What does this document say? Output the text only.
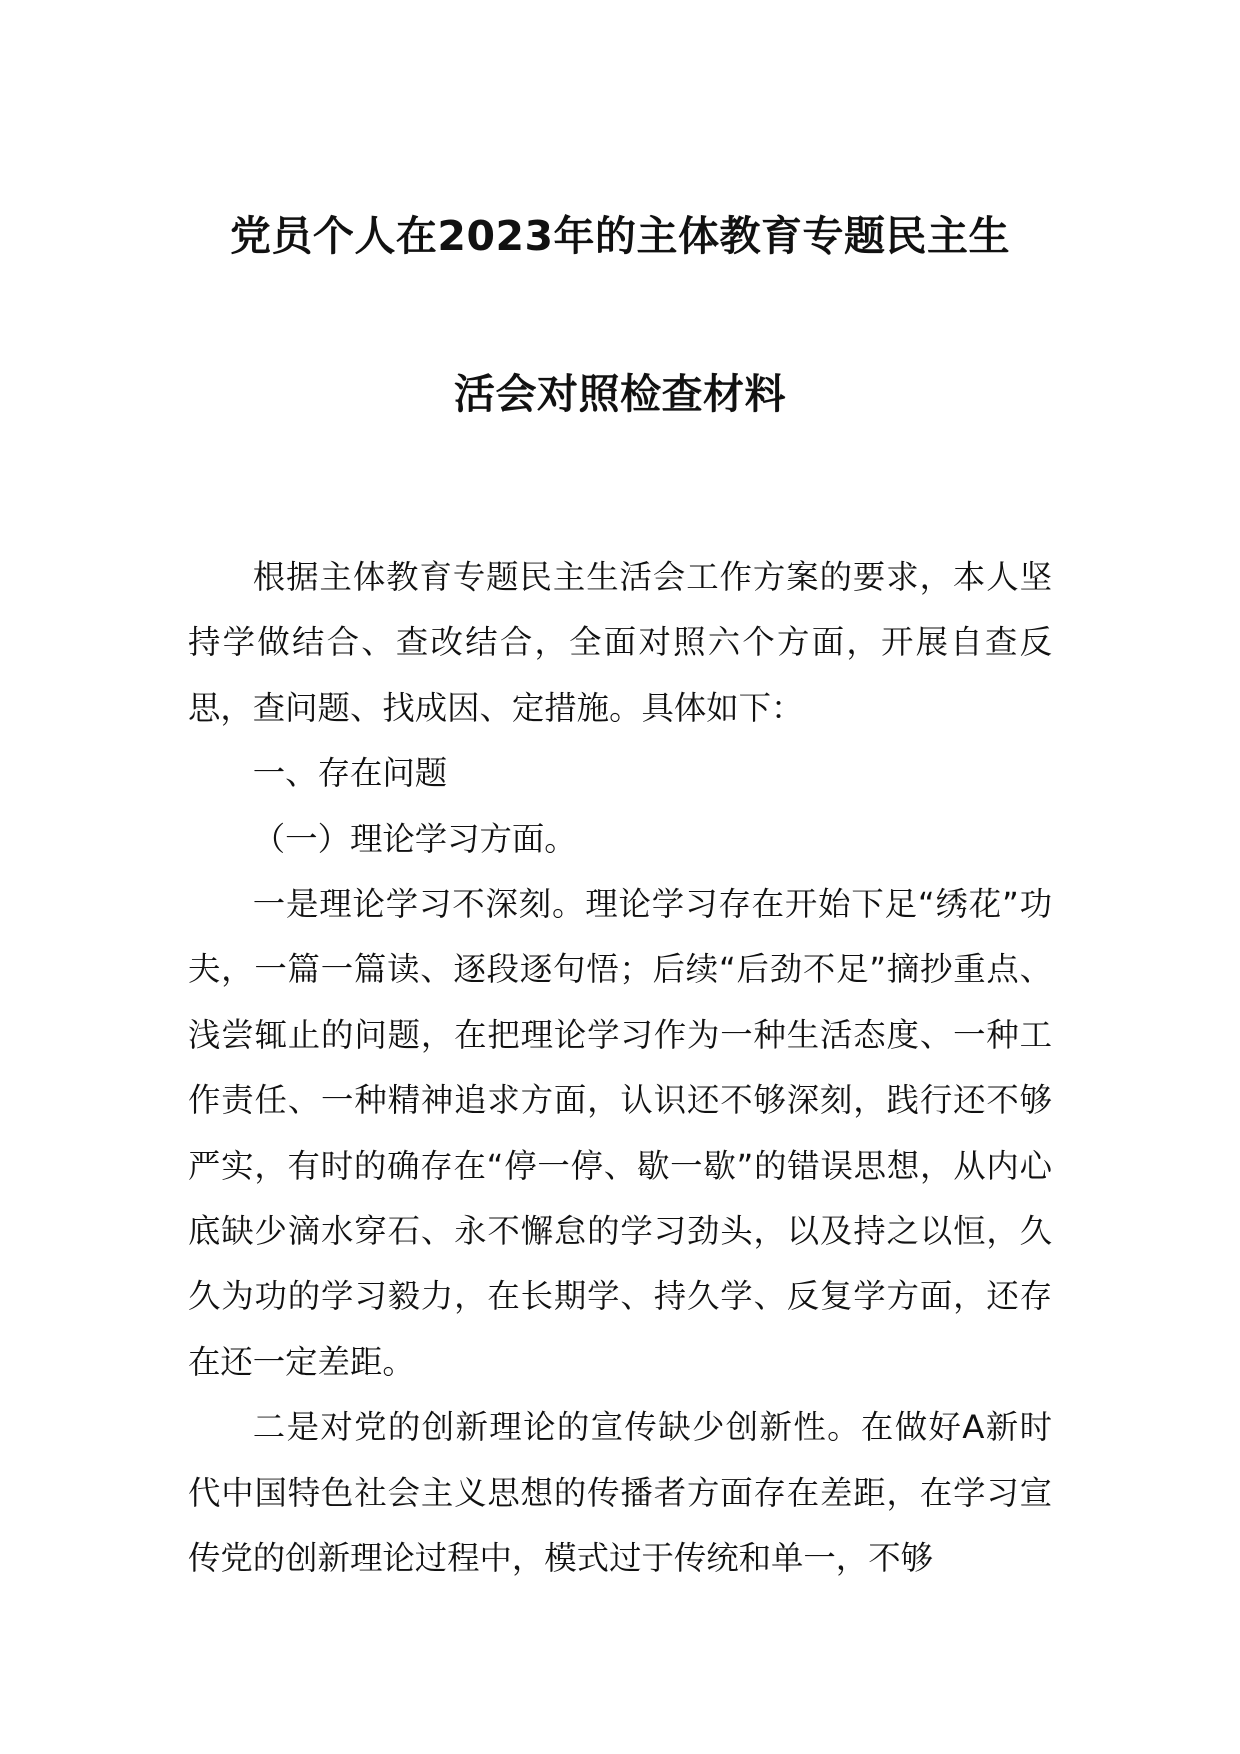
党员个人在2023年的主体教育专题民主生
活会对照检查材料

根据主体教育专题民主生活会工作方案的要求，本人坚持学做结合、查改结合，全面对照六个方面，开展自查反思，查问题、找成因、定措施。具体如下：

一、存在问题

（一）理论学习方面。

一是理论学习不深刻。理论学习存在开始下足“绣花”功夫，一篇一篇读、逐段逐句悟；后续“后劲不足”摘抄重点、浅尝辄止的问题，在把理论学习作为一种生活态度、一种工作责任、一种精神追求方面，认识还不够深刻，践行还不够严实，有时的确存在“停一停、歇一歇”的错误思想，从内心底缺少滴水穿石、永不懈怠的学习劲头，以及持之以恒，久久为功的学习毅力，在长期学、持久学、反复学方面，还存在还一定差距。

二是对党的创新理论的宣传缺少创新性。在做好A新时代中国特色社会主义思想的传播者方面存在差距，在学习宣传党的创新理论过程中，模式过于传统和单一，不够
